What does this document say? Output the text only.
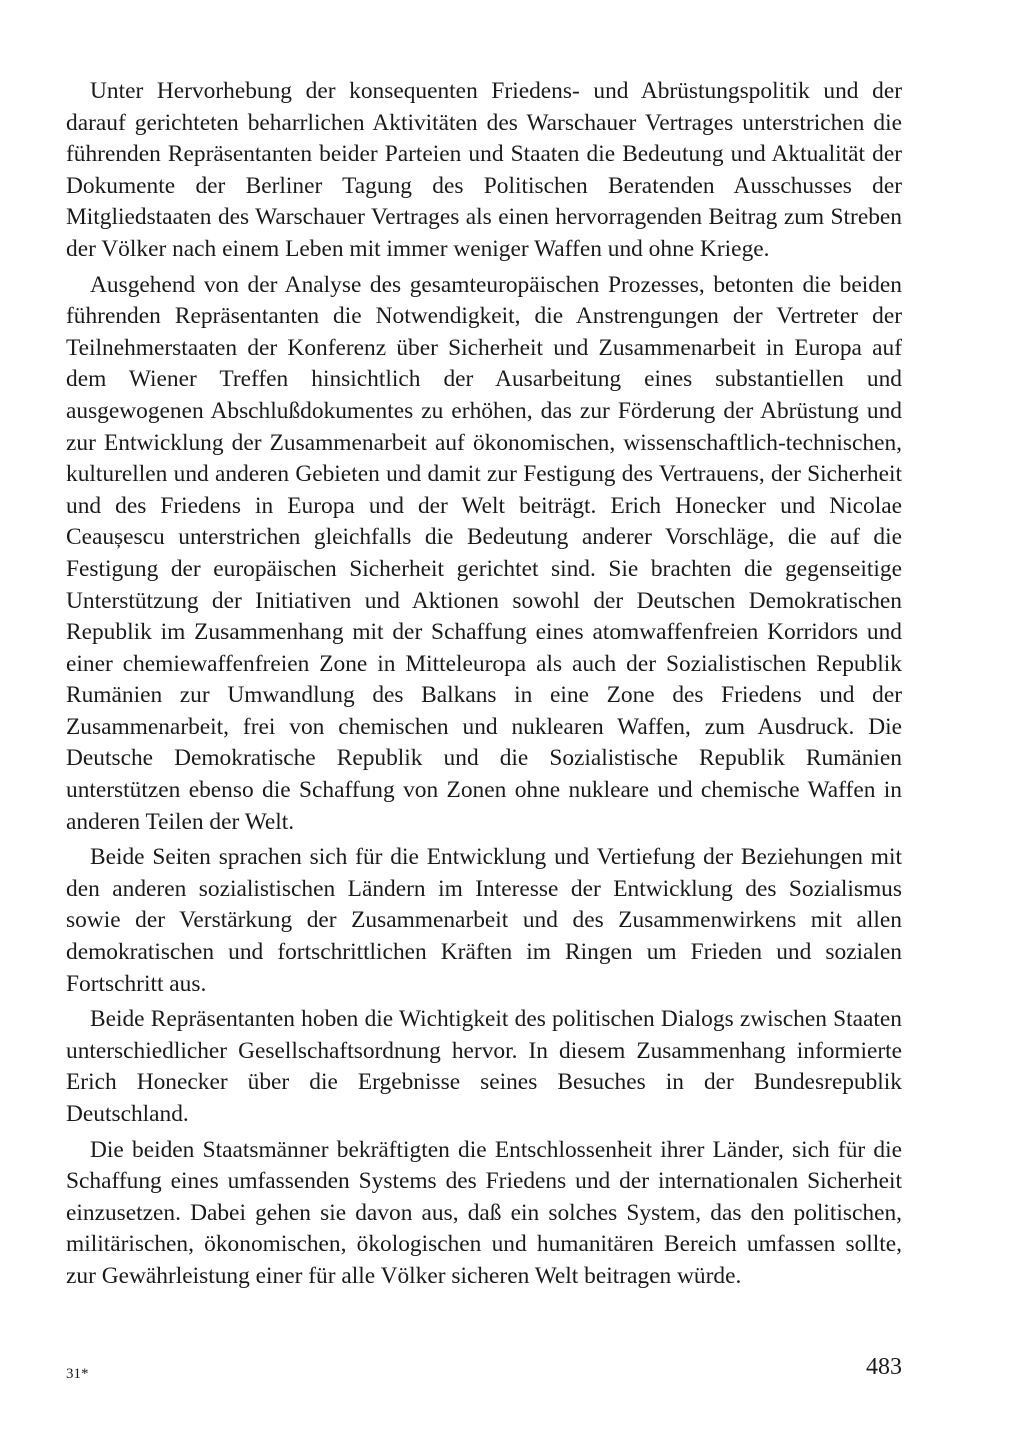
Unter Hervorhebung der konsequenten Friedens- und Abrüstungspolitik und der darauf gerichteten beharrlichen Aktivitäten des Warschauer Vertrages unterstrichen die führenden Repräsentanten beider Parteien und Staaten die Bedeutung und Aktualität der Dokumente der Berliner Tagung des Politischen Beratenden Ausschusses der Mitgliedstaaten des Warschauer Vertrages als einen hervorragenden Beitrag zum Streben der Völker nach einem Leben mit immer weniger Waffen und ohne Kriege.

Ausgehend von der Analyse des gesamteuropäischen Prozesses, betonten die beiden führenden Repräsentanten die Notwendigkeit, die Anstrengungen der Vertreter der Teilnehmerstaaten der Konferenz über Sicherheit und Zusammenarbeit in Europa auf dem Wiener Treffen hinsichtlich der Ausarbeitung eines substantiellen und ausgewogenen Abschlußdokumentes zu erhöhen, das zur Förderung der Abrüstung und zur Entwicklung der Zusammenarbeit auf ökonomischen, wissenschaftlich-technischen, kulturellen und anderen Gebieten und damit zur Festigung des Vertrauens, der Sicherheit und des Friedens in Europa und der Welt beiträgt. Erich Honecker und Nicolae Ceaușescu unterstrichen gleichfalls die Bedeutung anderer Vorschläge, die auf die Festigung der europäischen Sicherheit gerichtet sind. Sie brachten die gegenseitige Unterstützung der Initiativen und Aktionen sowohl der Deutschen Demokratischen Republik im Zusammenhang mit der Schaffung eines atomwaffenfreien Korridors und einer chemiewaffenfreien Zone in Mitteleuropa als auch der Sozialistischen Republik Rumänien zur Umwandlung des Balkans in eine Zone des Friedens und der Zusammenarbeit, frei von chemischen und nuklearen Waffen, zum Ausdruck. Die Deutsche Demokratische Republik und die Sozialistische Republik Rumänien unterstützen ebenso die Schaffung von Zonen ohne nukleare und chemische Waffen in anderen Teilen der Welt.

Beide Seiten sprachen sich für die Entwicklung und Vertiefung der Beziehungen mit den anderen sozialistischen Ländern im Interesse der Entwicklung des Sozialismus sowie der Verstärkung der Zusammenarbeit und des Zusammenwirkens mit allen demokratischen und fortschrittlichen Kräften im Ringen um Frieden und sozialen Fortschritt aus.

Beide Repräsentanten hoben die Wichtigkeit des politischen Dialogs zwischen Staaten unterschiedlicher Gesellschaftsordnung hervor. In diesem Zusammenhang informierte Erich Honecker über die Ergebnisse seines Besuches in der Bundesrepublik Deutschland.

Die beiden Staatsmänner bekräftigten die Entschlossenheit ihrer Länder, sich für die Schaffung eines umfassenden Systems des Friedens und der internationalen Sicherheit einzusetzen. Dabei gehen sie davon aus, daß ein solches System, das den politischen, militärischen, ökonomischen, ökologischen und humanitären Bereich umfassen sollte, zur Gewährleistung einer für alle Völker sicheren Welt beitragen würde.

31*	483
